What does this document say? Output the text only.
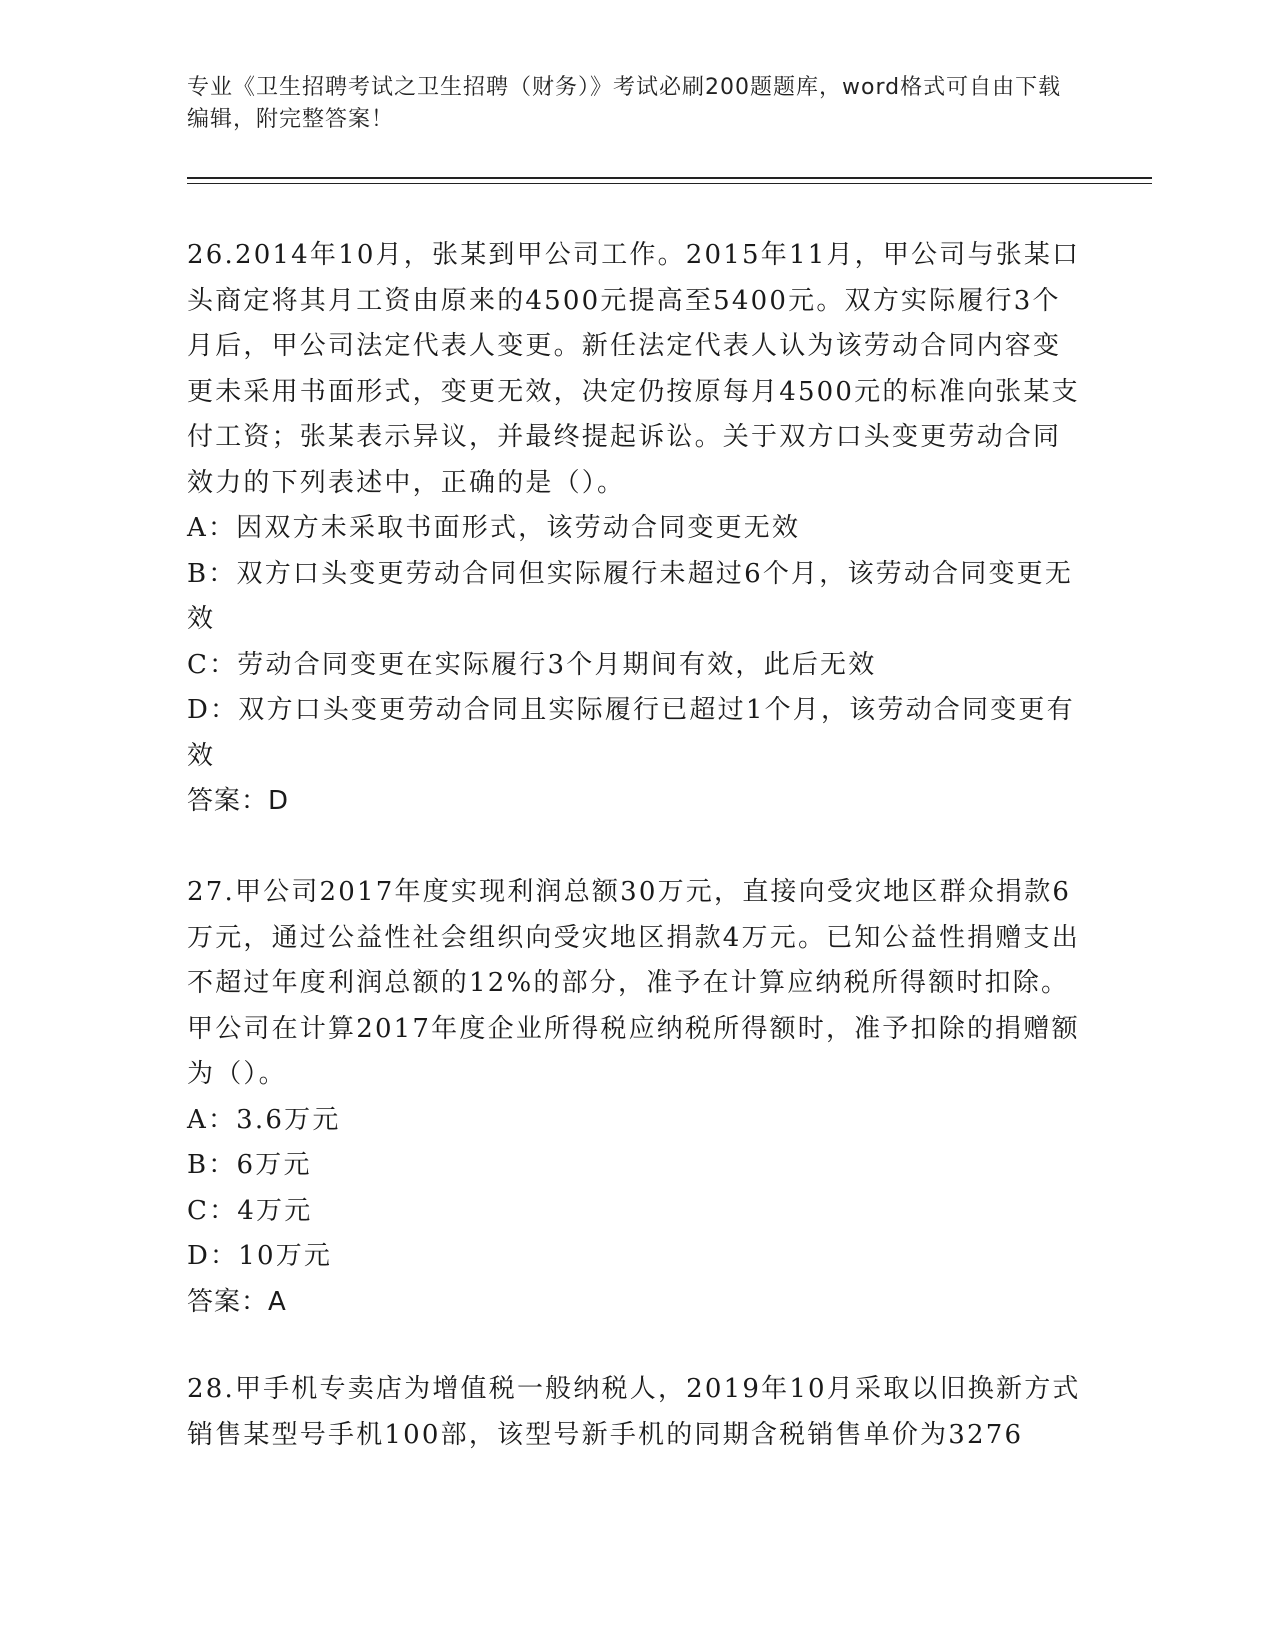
专业《卫生招聘考试之卫生招聘（财务）》考试必刷200题题库，word格式可自由下载编辑，附完整答案！

26.2014年10月，张某到甲公司工作。2015年11月，甲公司与张某口头商定将其月工资由原来的4500元提高至5400元。双方实际履行3个月后，甲公司法定代表人变更。新任法定代表人认为该劳动合同内容变更未采用书面形式，变更无效，决定仍按原每月4500元的标准向张某支付工资；张某表示异议，并最终提起诉讼。关于双方口头变更劳动合同效力的下列表述中，正确的是（）。

A：因双方未采取书面形式，该劳动合同变更无效

B：双方口头变更劳动合同但实际履行未超过6个月，该劳动合同变更无效

C：劳动合同变更在实际履行3个月期间有效，此后无效

D：双方口头变更劳动合同且实际履行已超过1个月，该劳动合同变更有效

答案：D

27.甲公司2017年度实现利润总额30万元，直接向受灾地区群众捐款6万元，通过公益性社会组织向受灾地区捐款4万元。已知公益性捐赠支出不超过年度利润总额的12%的部分，准予在计算应纳税所得额时扣除。甲公司在计算2017年度企业所得税应纳税所得额时，准予扣除的捐赠额为（）。

A：3.6万元

B：6万元

C：4万元

D：10万元

答案：A

28.甲手机专卖店为增值税一般纳税人，2019年10月采取以旧换新方式销售某型号手机100部，该型号新手机的同期含税销售单价为3276
